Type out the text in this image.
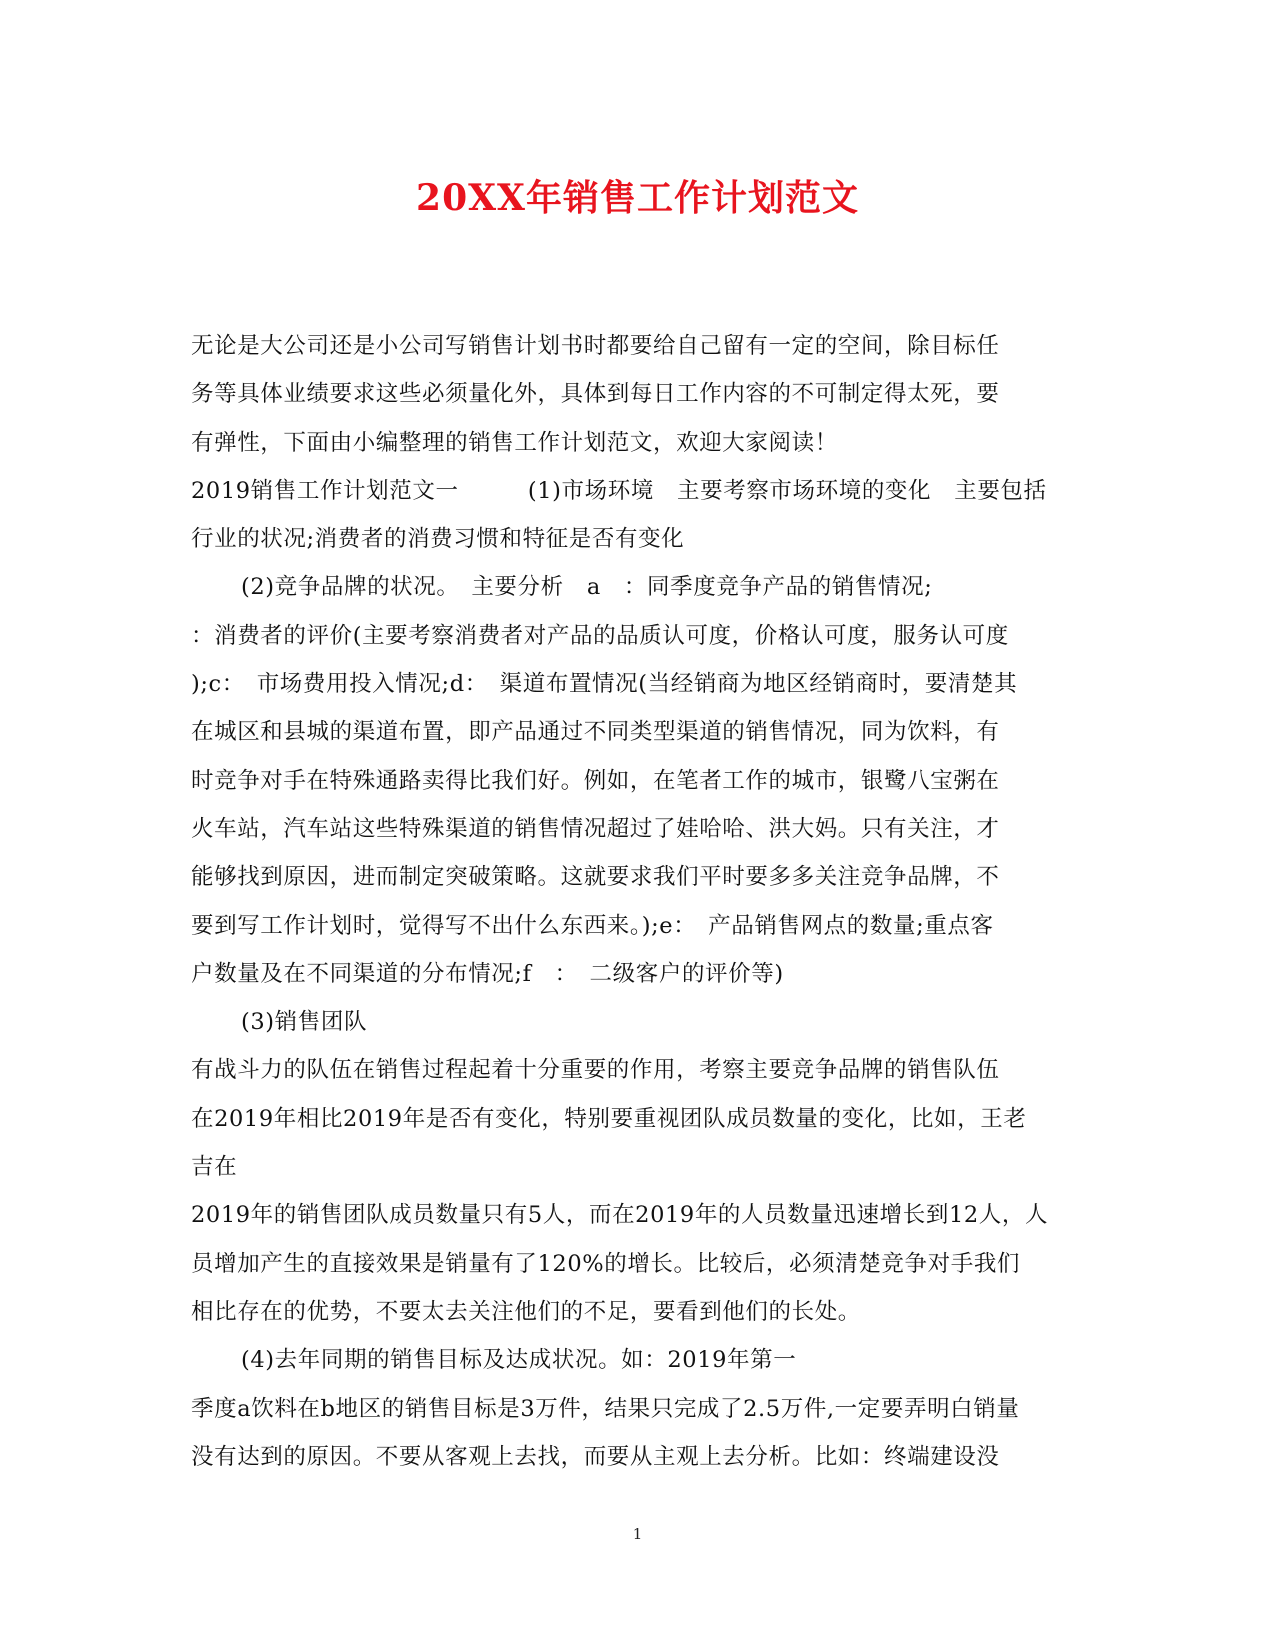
20XX年销售工作计划范文
无论是大公司还是小公司写销售计划书时都要给自己留有一定的空间，除目标任
务等具体业绩要求这些必须量化外，具体到每日工作内容的不可制定得太死，要
有弹性，下面由小编整理的销售工作计划范文，欢迎大家阅读！
2019销售工作计划范文一　　　(1)市场环境　主要考察市场环境的变化　主要包括
行业的状况;消费者的消费习惯和特征是否有变化
(2)竞争品牌的状况。　主要分析　a　：同季度竞争产品的销售情况;
：消费者的评价(主要考察消费者对产品的品质认可度，价格认可度，服务认可度
);c：　市场费用投入情况;d：　渠道布置情况(当经销商为地区经销商时，要清楚其
在城区和县城的渠道布置，即产品通过不同类型渠道的销售情况，同为饮料，有
时竞争对手在特殊通路卖得比我们好。例如，在笔者工作的城市，银鹭八宝粥在
火车站，汽车站这些特殊渠道的销售情况超过了娃哈哈、洪大妈。只有关注，才
能够找到原因，进而制定突破策略。这就要求我们平时要多多关注竞争品牌，不
要到写工作计划时，觉得写不出什么东西来。);e：　产品销售网点的数量;重点客
户数量及在不同渠道的分布情况;f　：　二级客户的评价等)
(3)销售团队
有战斗力的队伍在销售过程起着十分重要的作用，考察主要竞争品牌的销售队伍
在2019年相比2019年是否有变化，特别要重视团队成员数量的变化，比如，王老
吉在
2019年的销售团队成员数量只有5人，而在2019年的人员数量迅速增长到12人，人
员增加产生的直接效果是销量有了120%的增长。比较后，必须清楚竞争对手我们
相比存在的优势，不要太去关注他们的不足，要看到他们的长处。
(4)去年同期的销售目标及达成状况。如：2019年第一
季度a饮料在b地区的销售目标是3万件，结果只完成了2.5万件,一定要弄明白销量
没有达到的原因。不要从客观上去找，而要从主观上去分析。比如：终端建设没
1
